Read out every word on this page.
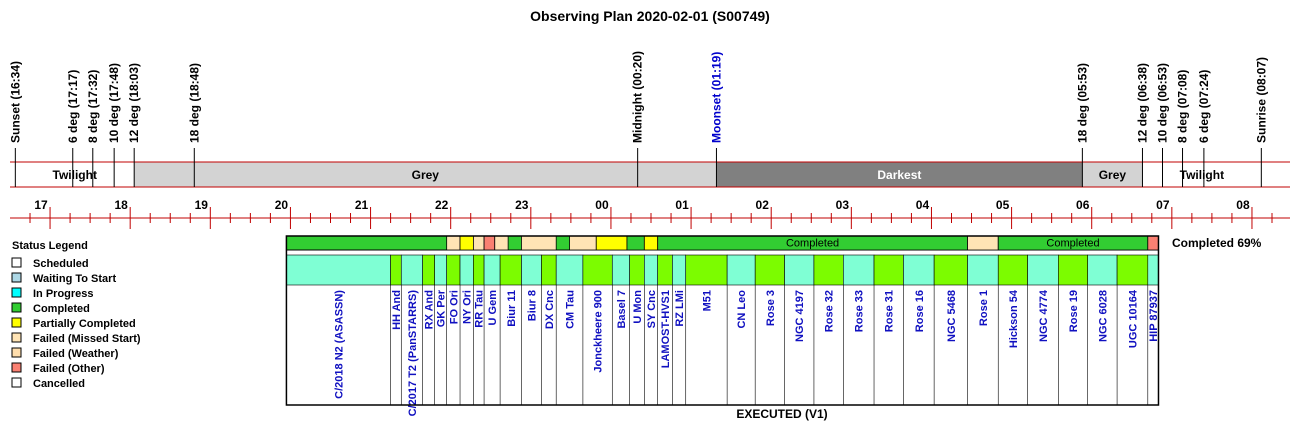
Observing Plan 2020-02-01 (S00749)
Twilight	Grey	Darkest	Grey	Twilight
17	18	19	20	21	22	23	00	01	02	03	04	05	06	07	08
Sunset (16:34)	6 deg (17:17) 8 deg (17:32) 10 deg (17:48) 12 deg (18:03)	18 deg (18:48)	Midnight (00:20)	Moonset (01:19)	18 deg (05:53)	12 deg (06:38) 10 deg (06:53) 8 deg (07:08) 6 deg (07:24)	Sunrise (08:07)
Completed	Completed
C/2018 N2 (ASASSN)	HH And C/2017 T2 (PanSTARRS) RX And GK Per FO Ori NY Ori RR Tau U Gem Biur 11 Biur 8 DX Cnc CM Tau Jonckheere 900 Basel 7 U Mon SY Cnc LAMOST-HVS1 RZ LMi M51 CN Leo Rose 3 NGC 4197 Rose 32 Rose 33 Rose 31 Rose 16 NGC 5468 Rose 1 Hickson 54 NGC 4774 Rose 19 NGC 6028 UGC 10164 HIP 87937
Completed 69%
EXECUTED (V1)
Status Legend
Scheduled
Waiting To Start
In Progress
Completed
Partially Completed
Failed (Missed Start)
Failed (Weather)
Failed (Other)
Cancelled
